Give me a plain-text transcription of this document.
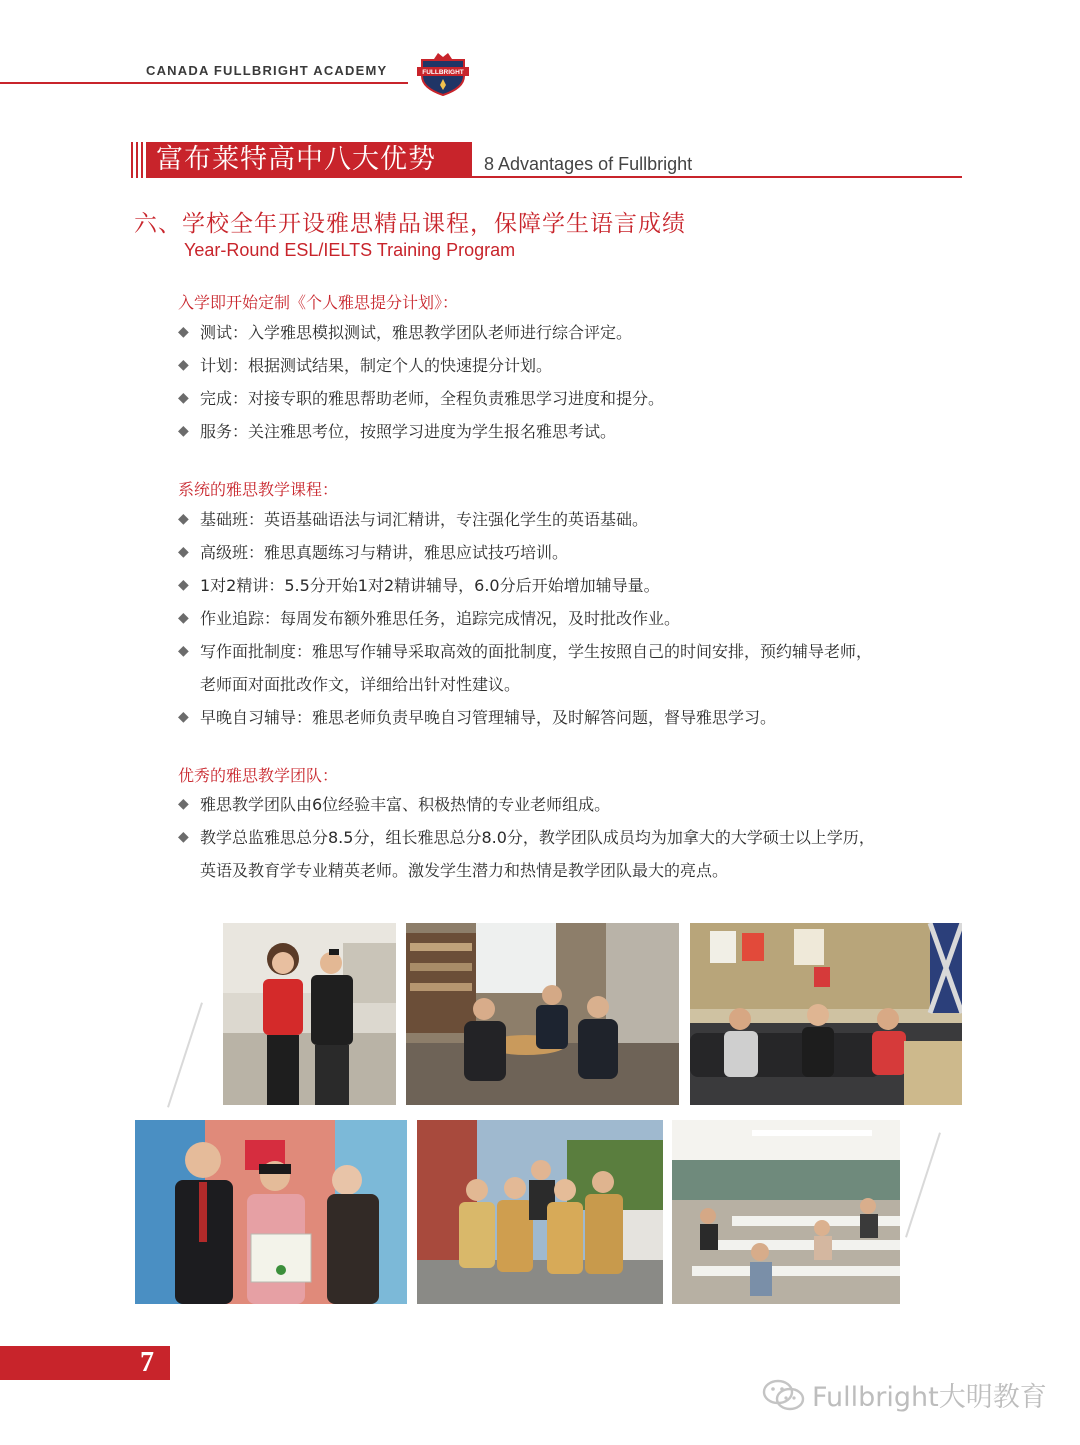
CANADA FULLBRIGHT ACADEMY	FULLBRIGHT
富布莱特高中八大优势	8 Advantages of Fullbright
六、学校全年开设雅思精品课程，保障学生语言成绩
Year-Round ESL/IELTS Training Program
入学即开始定制《个人雅思提分计划》：
◆ 测试：入学雅思模拟测试，雅思教学团队老师进行综合评定。
◆ 计划：根据测试结果，制定个人的快速提分计划。
◆ 完成：对接专职的雅思帮助老师，全程负责雅思学习进度和提分。
◆ 服务：关注雅思考位，按照学习进度为学生报名雅思考试。
系统的雅思教学课程：
◆ 基础班：英语基础语法与词汇精讲，专注强化学生的英语基础。
◆ 高级班：雅思真题练习与精讲，雅思应试技巧培训。
◆ 1对2精讲：5.5分开始1对2精讲辅导，6.0分后开始增加辅导量。
◆ 作业追踪：每周发布额外雅思任务，追踪完成情况，及时批改作业。
◆ 写作面批制度：雅思写作辅导采取高效的面批制度，学生按照自己的时间安排，预约辅导老师，
老师面对面批改作文，详细给出针对性建议。
◆ 早晚自习辅导：雅思老师负责早晚自习管理辅导，及时解答问题，督导雅思学习。
优秀的雅思教学团队：
◆ 雅思教学团队由6位经验丰富、积极热情的专业老师组成。
◆ 教学总监雅思总分8.5分，组长雅思总分8.0分，教学团队成员均为加拿大的大学硕士以上学历，
英语及教育学专业精英老师。激发学生潜力和热情是教学团队最大的亮点。
7
Fullbright大明教育
